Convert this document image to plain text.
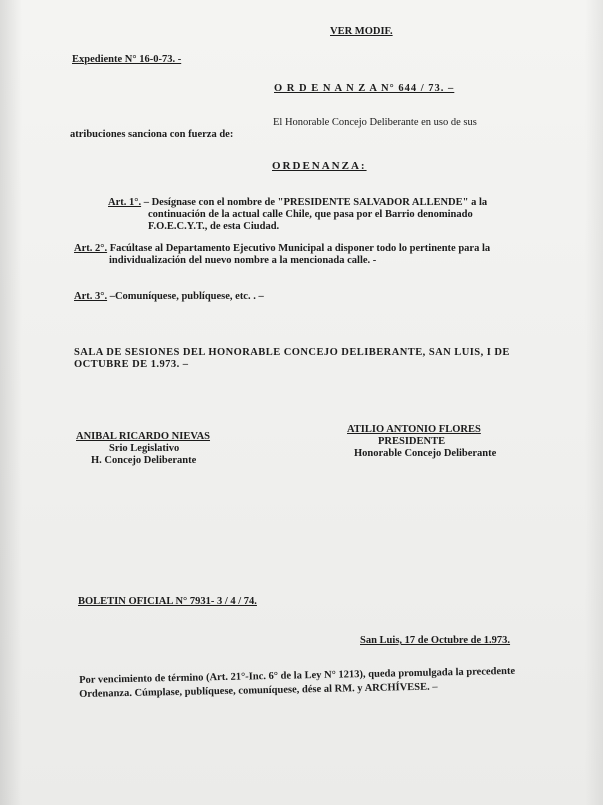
VER MODIF.

Expediente N° 16-0-73. -

O R D E N A N Z A N° 644 / 73. –

El Honorable Concejo Deliberante en uso de sus

atribuciones sanciona con fuerza de:

ORDENANZA:

Art. 1°. – Desígnase con el nombre de "PRESIDENTE SALVADOR ALLENDE" a la

continuación de la actual calle Chile, que pasa por el Barrio denominado

F.O.E.C.Y.T., de esta Ciudad.

Art. 2°. Facúltase al Departamento Ejecutivo Municipal a disponer todo lo pertinente para la

individualización del nuevo nombre a la mencionada calle. -

Art. 3°. –Comuníquese, publíquese, etc. . –

SALA DE SESIONES DEL HONORABLE CONCEJO DELIBERANTE, SAN LUIS, I DE

OCTUBRE DE 1.973. –

ANIBAL RICARDO NIEVAS

Srio Legislativo

H. Concejo Deliberante

ATILIO ANTONIO FLORES

PRESIDENTE

Honorable Concejo Deliberante

BOLETIN OFICIAL N° 7931- 3 / 4 / 74.

San Luis, 17 de Octubre de 1.973.

Por vencimiento de término (Art. 21°-Inc. 6° de la Ley N° 1213), queda promulgada la precedente

Ordenanza. Cúmplase, publíquese, comuníquese, dése al RM. y ARCHÍVESE. –
